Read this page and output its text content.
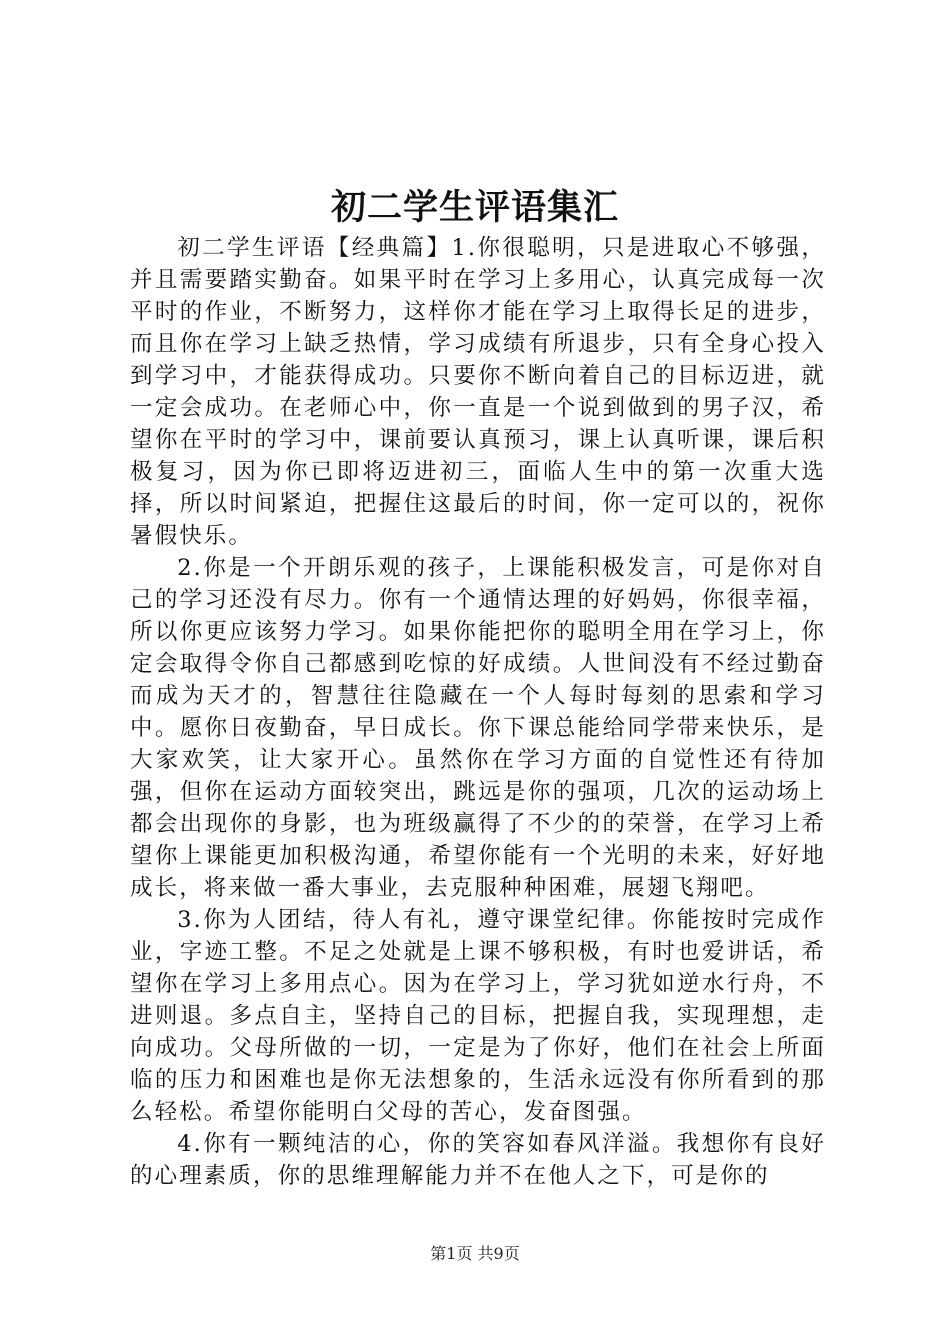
初二学生评语集汇

初二学生评语【经典篇】1.你很聪明，只是进取心不够强，并且需要踏实勤奋。如果平时在学习上多用心，认真完成每一次平时的作业，不断努力，这样你才能在学习上取得长足的进步，而且你在学习上缺乏热情，学习成绩有所退步，只有全身心投入到学习中，才能获得成功。只要你不断向着自己的目标迈进，就一定会成功。在老师心中，你一直是一个说到做到的男子汉，希望你在平时的学习中，课前要认真预习，课上认真听课，课后积极复习，因为你已即将迈进初三，面临人生中的第一次重大选择，所以时间紧迫，把握住这最后的时间，你一定可以的，祝你暑假快乐。

2.你是一个开朗乐观的孩子，上课能积极发言，可是你对自己的学习还没有尽力。你有一个通情达理的好妈妈，你很幸福，所以你更应该努力学习。如果你能把你的聪明全用在学习上，你定会取得令你自己都感到吃惊的好成绩。人世间没有不经过勤奋而成为天才的，智慧往往隐藏在一个人每时每刻的思索和学习中。愿你日夜勤奋，早日成长。你下课总能给同学带来快乐，是大家欢笑，让大家开心。虽然你在学习方面的自觉性还有待加强，但你在运动方面较突出，跳远是你的强项，几次的运动场上都会出现你的身影，也为班级赢得了不少的的荣誉，在学习上希望你上课能更加积极沟通，希望你能有一个光明的未来，好好地成长，将来做一番大事业，去克服种种困难，展翅飞翔吧。

3.你为人团结，待人有礼，遵守课堂纪律。你能按时完成作业，字迹工整。不足之处就是上课不够积极，有时也爱讲话，希望你在学习上多用点心。因为在学习上，学习犹如逆水行舟，不进则退。多点自主，坚持自己的目标，把握自我，实现理想，走向成功。父母所做的一切，一定是为了你好，他们在社会上所面临的压力和困难也是你无法想象的，生活永远没有你所看到的那么轻松。希望你能明白父母的苦心，发奋图强。

4.你有一颗纯洁的心，你的笑容如春风洋溢。我想你有良好的心理素质，你的思维理解能力并不在他人之下，可是你的

第1页 共9页
